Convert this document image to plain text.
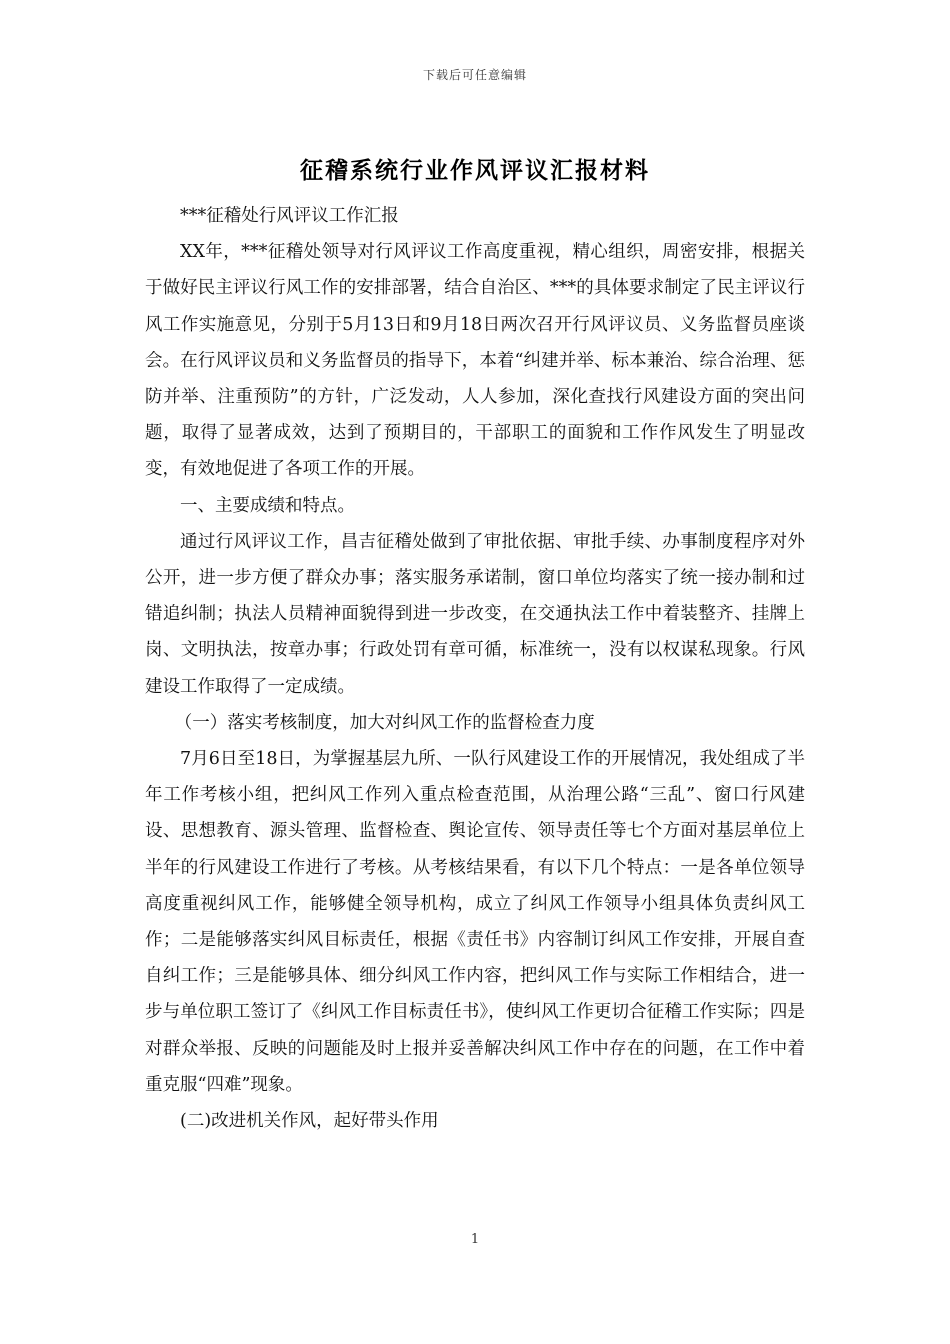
下载后可任意编辑
征稽系统行业作风评议汇报材料

***征稽处行风评议工作汇报

XX年，***征稽处领导对行风评议工作高度重视，精心组织，周密安排，根据关于做好民主评议行风工作的安排部署，结合自治区、***的具体要求制定了民主评议行风工作实施意见，分别于5月13日和9月18日两次召开行风评议员、义务监督员座谈会。在行风评议员和义务监督员的指导下，本着“纠建并举、标本兼治、综合治理、惩防并举、注重预防”的方针，广泛发动，人人参加，深化查找行风建设方面的突出问题，取得了显著成效，达到了预期目的，干部职工的面貌和工作作风发生了明显改变，有效地促进了各项工作的开展。

一、主要成绩和特点。

通过行风评议工作，昌吉征稽处做到了审批依据、审批手续、办事制度程序对外公开，进一步方便了群众办事；落实服务承诺制，窗口单位均落实了统一接办制和过错追纠制；执法人员精神面貌得到进一步改变，在交通执法工作中着装整齐、挂牌上岗、文明执法，按章办事；行政处罚有章可循，标准统一，没有以权谋私现象。行风建设工作取得了一定成绩。

（一）落实考核制度，加大对纠风工作的监督检查力度

7月6日至18日，为掌握基层九所、一队行风建设工作的开展情况，我处组成了半年工作考核小组，把纠风工作列入重点检查范围，从治理公路“三乱”、窗口行风建设、思想教育、源头管理、监督检查、舆论宣传、领导责任等七个方面对基层单位上半年的行风建设工作进行了考核。从考核结果看，有以下几个特点：一是各单位领导高度重视纠风工作，能够健全领导机构，成立了纠风工作领导小组具体负责纠风工作；二是能够落实纠风目标责任，根据《责任书》内容制订纠风工作安排，开展自查自纠工作；三是能够具体、细分纠风工作内容，把纠风工作与实际工作相结合，进一步与单位职工签订了《纠风工作目标责任书》，使纠风工作更切合征稽工作实际；四是对群众举报、反映的问题能及时上报并妥善解决纠风工作中存在的问题，在工作中着重克服“四难”现象。

(二)改进机关作风，起好带头作用

1
